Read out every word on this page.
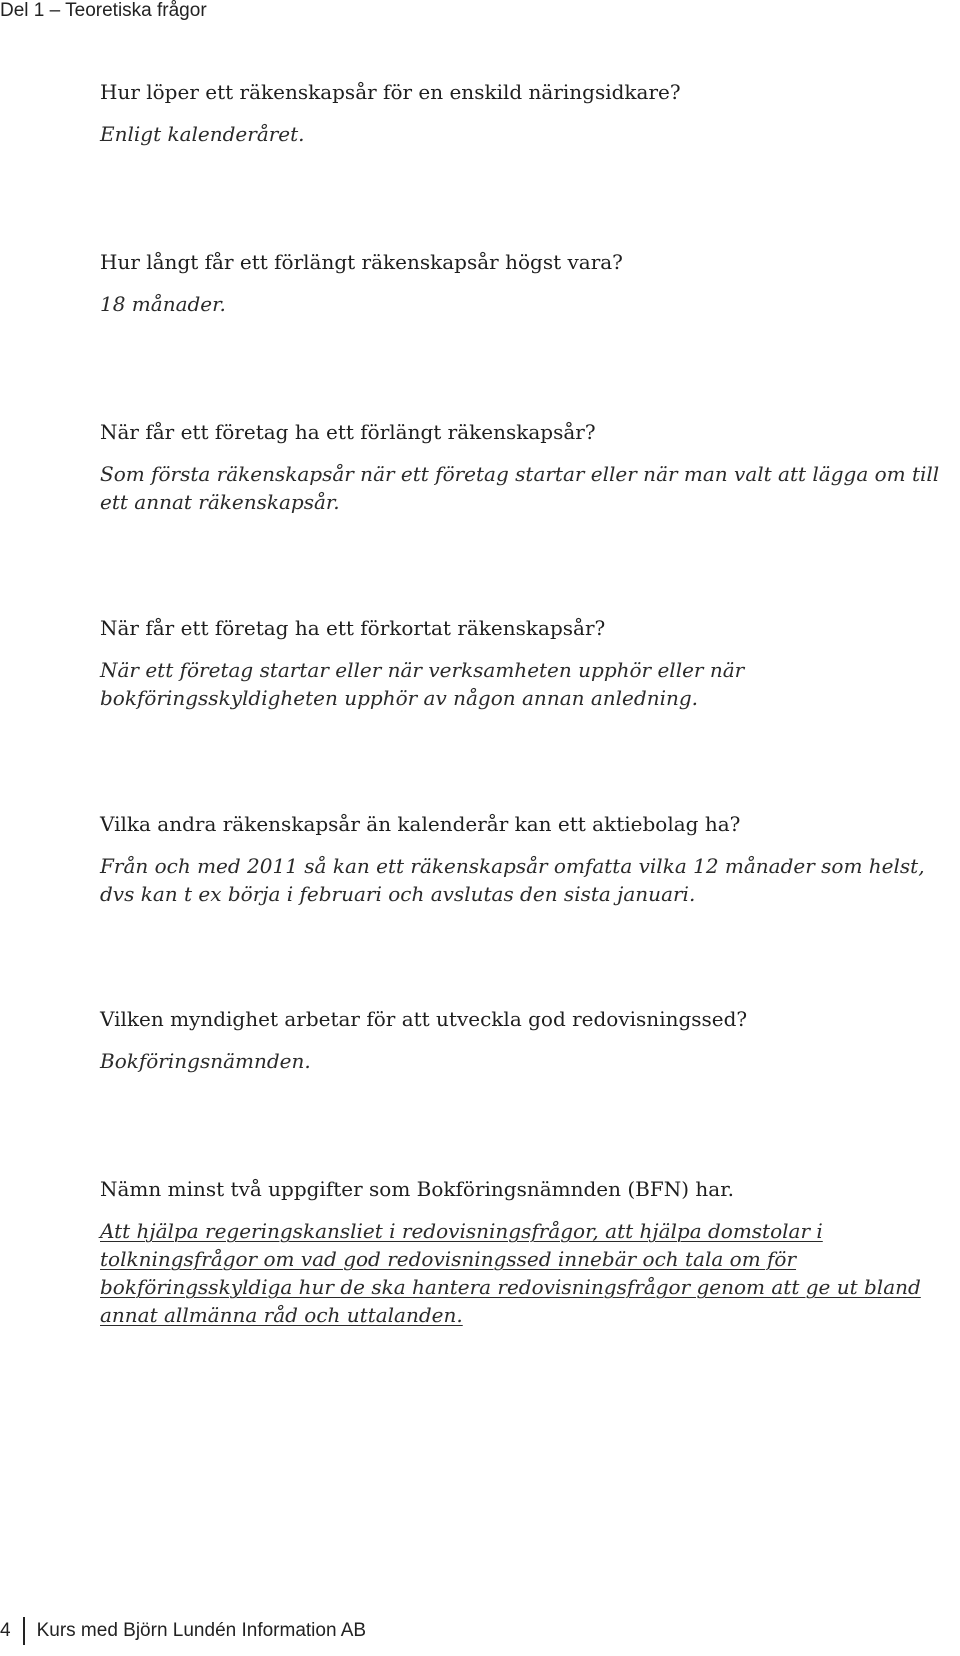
Del 1 – Teoretiska frågor

Hur löper ett räkenskapsår för en enskild näringsidkare?

Enligt kalenderåret.

Hur långt får ett förlängt räkenskapsår högst vara?

18 månader.

När får ett företag ha ett förlängt räkenskapsår?

Som första räkenskapsår när ett företag startar eller när man valt att lägga om till ett annat räkenskapsår.

När får ett företag ha ett förkortat räkenskapsår?

När ett företag startar eller när verksamheten upphör eller när bokföringsskyldigheten upphör av någon annan anledning.

Vilka andra räkenskapsår än kalenderår kan ett aktiebolag ha?

Från och med 2011 så kan ett räkenskapsår omfatta vilka 12 månader som helst, dvs kan t ex börja i februari och avslutas den sista januari.

Vilken myndighet arbetar för att utveckla god redovisningssed?

Bokföringsnämnden.

Nämn minst två uppgifter som Bokföringsnämnden (BFN) har.

Att hjälpa regeringskansliet i redovisningsfrågor, att hjälpa domstolar i tolkningsfrågor om vad god redovisningssed innebär och tala om för bokföringsskyldiga hur de ska hantera redovisningsfrågor genom att ge ut bland annat allmänna råd och uttalanden.

4 Kurs med Björn Lundén Information AB
